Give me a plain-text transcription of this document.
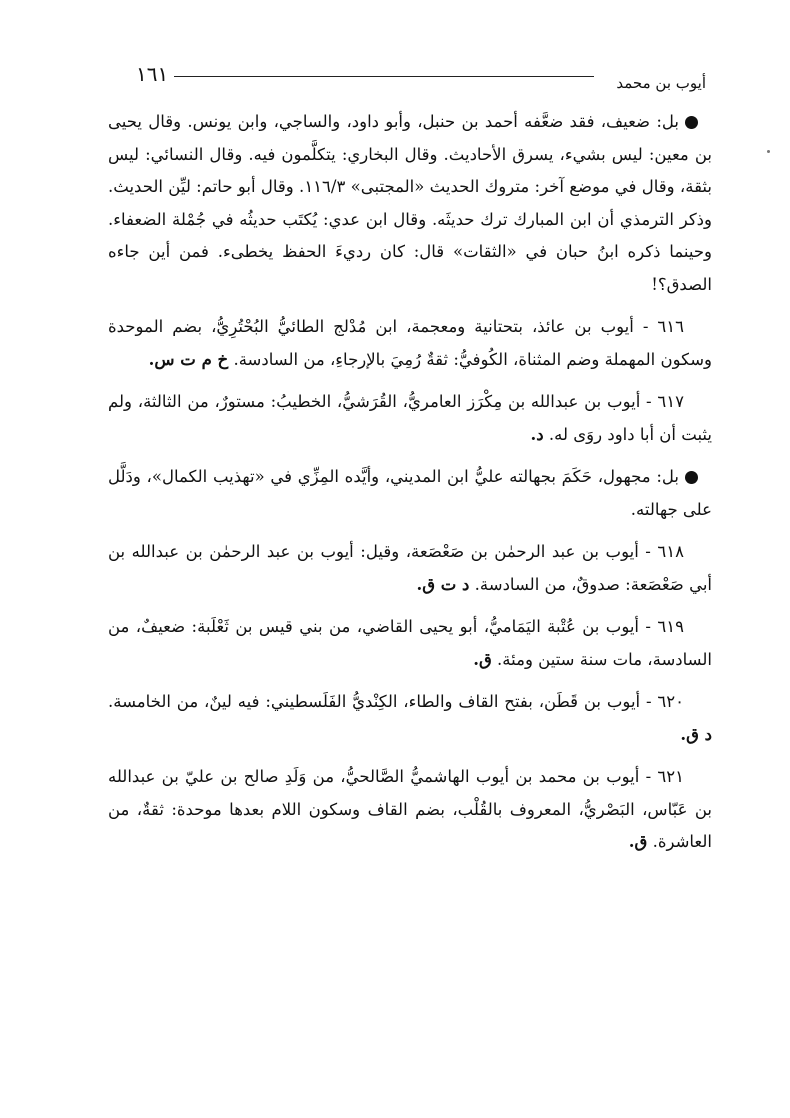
١٦١	أيوب بن محمد

بل: ضعيف، فقد ضعَّفه أحمد بن حنبل، وأبو داود، والساجي، وابن يونس. وقال يحيى بن معين: ليس بشيء، يسرق الأحاديث. وقال البخاري: يتكلَّمون فيه. وقال النسائي: ليس بثقة، وقال في موضع آخر: متروك الحديث «المجتبى» ١١٦/٣. وقال أبو حاتم: ليِّن الحديث. وذكر الترمذي أن ابن المبارك ترك حديثَه. وقال ابن عدي: يُكتَب حديثُه في جُمْلة الضعفاء. وحينما ذكره ابنُ حبان في «الثقات» قال: كان رديءَ الحفظ يخطىء. فمن أين جاءه الصدق؟!

٦١٦ - أيوب بن عائذ، بتحتانية ومعجمة، ابن مُدْلج الطائيُّ البُحْتُرِيُّ، بضم الموحدة وسكون المهملة وضم المثناة، الكُوفيُّ: ثقةٌ رُمِيَ بالإرجاءِ، من السادسة. خ م ت س.

٦١٧ - أيوب بن عبدالله بن مِكْرَز العامريُّ، القُرَشيُّ، الخطيبُ: مستورٌ، من الثالثة، ولم يثبت أن أبا داود روَى له. د.

بل: مجهول، حَكَمَ بجهالته عليُّ ابن المديني، وأيَّده المِزِّي في «تهذيب الكمال»، ودَلَّل على جهالته.

٦١٨ - أيوب بن عبد الرحمٰن بن صَعْصَعة، وقيل: أيوب بن عبد الرحمٰن بن عبدالله بن أبي صَعْصَعة: صدوقٌ، من السادسة. د ت ق.

٦١٩ - أيوب بن عُتْبة اليَمَاميُّ، أبو يحيى القاضي، من بني قيس بن ثَعْلَبة: ضعيفٌ، من السادسة، مات سنة ستين ومئة. ق.

٦٢٠ - أيوب بن قَطَن، بفتح القاف والطاء، الكِنْديُّ الفَلَسطيني: فيه لينٌ، من الخامسة. د ق.

٦٢١ - أيوب بن محمد بن أيوب الهاشميُّ الصَّالحيُّ، من وَلَدِ صالح بن عليّ بن عبدالله بن عَبّاس، البَصْريُّ، المعروف بالقُلْب، بضم القاف وسكون اللام بعدها موحدة: ثقةٌ، من العاشرة. ق.
